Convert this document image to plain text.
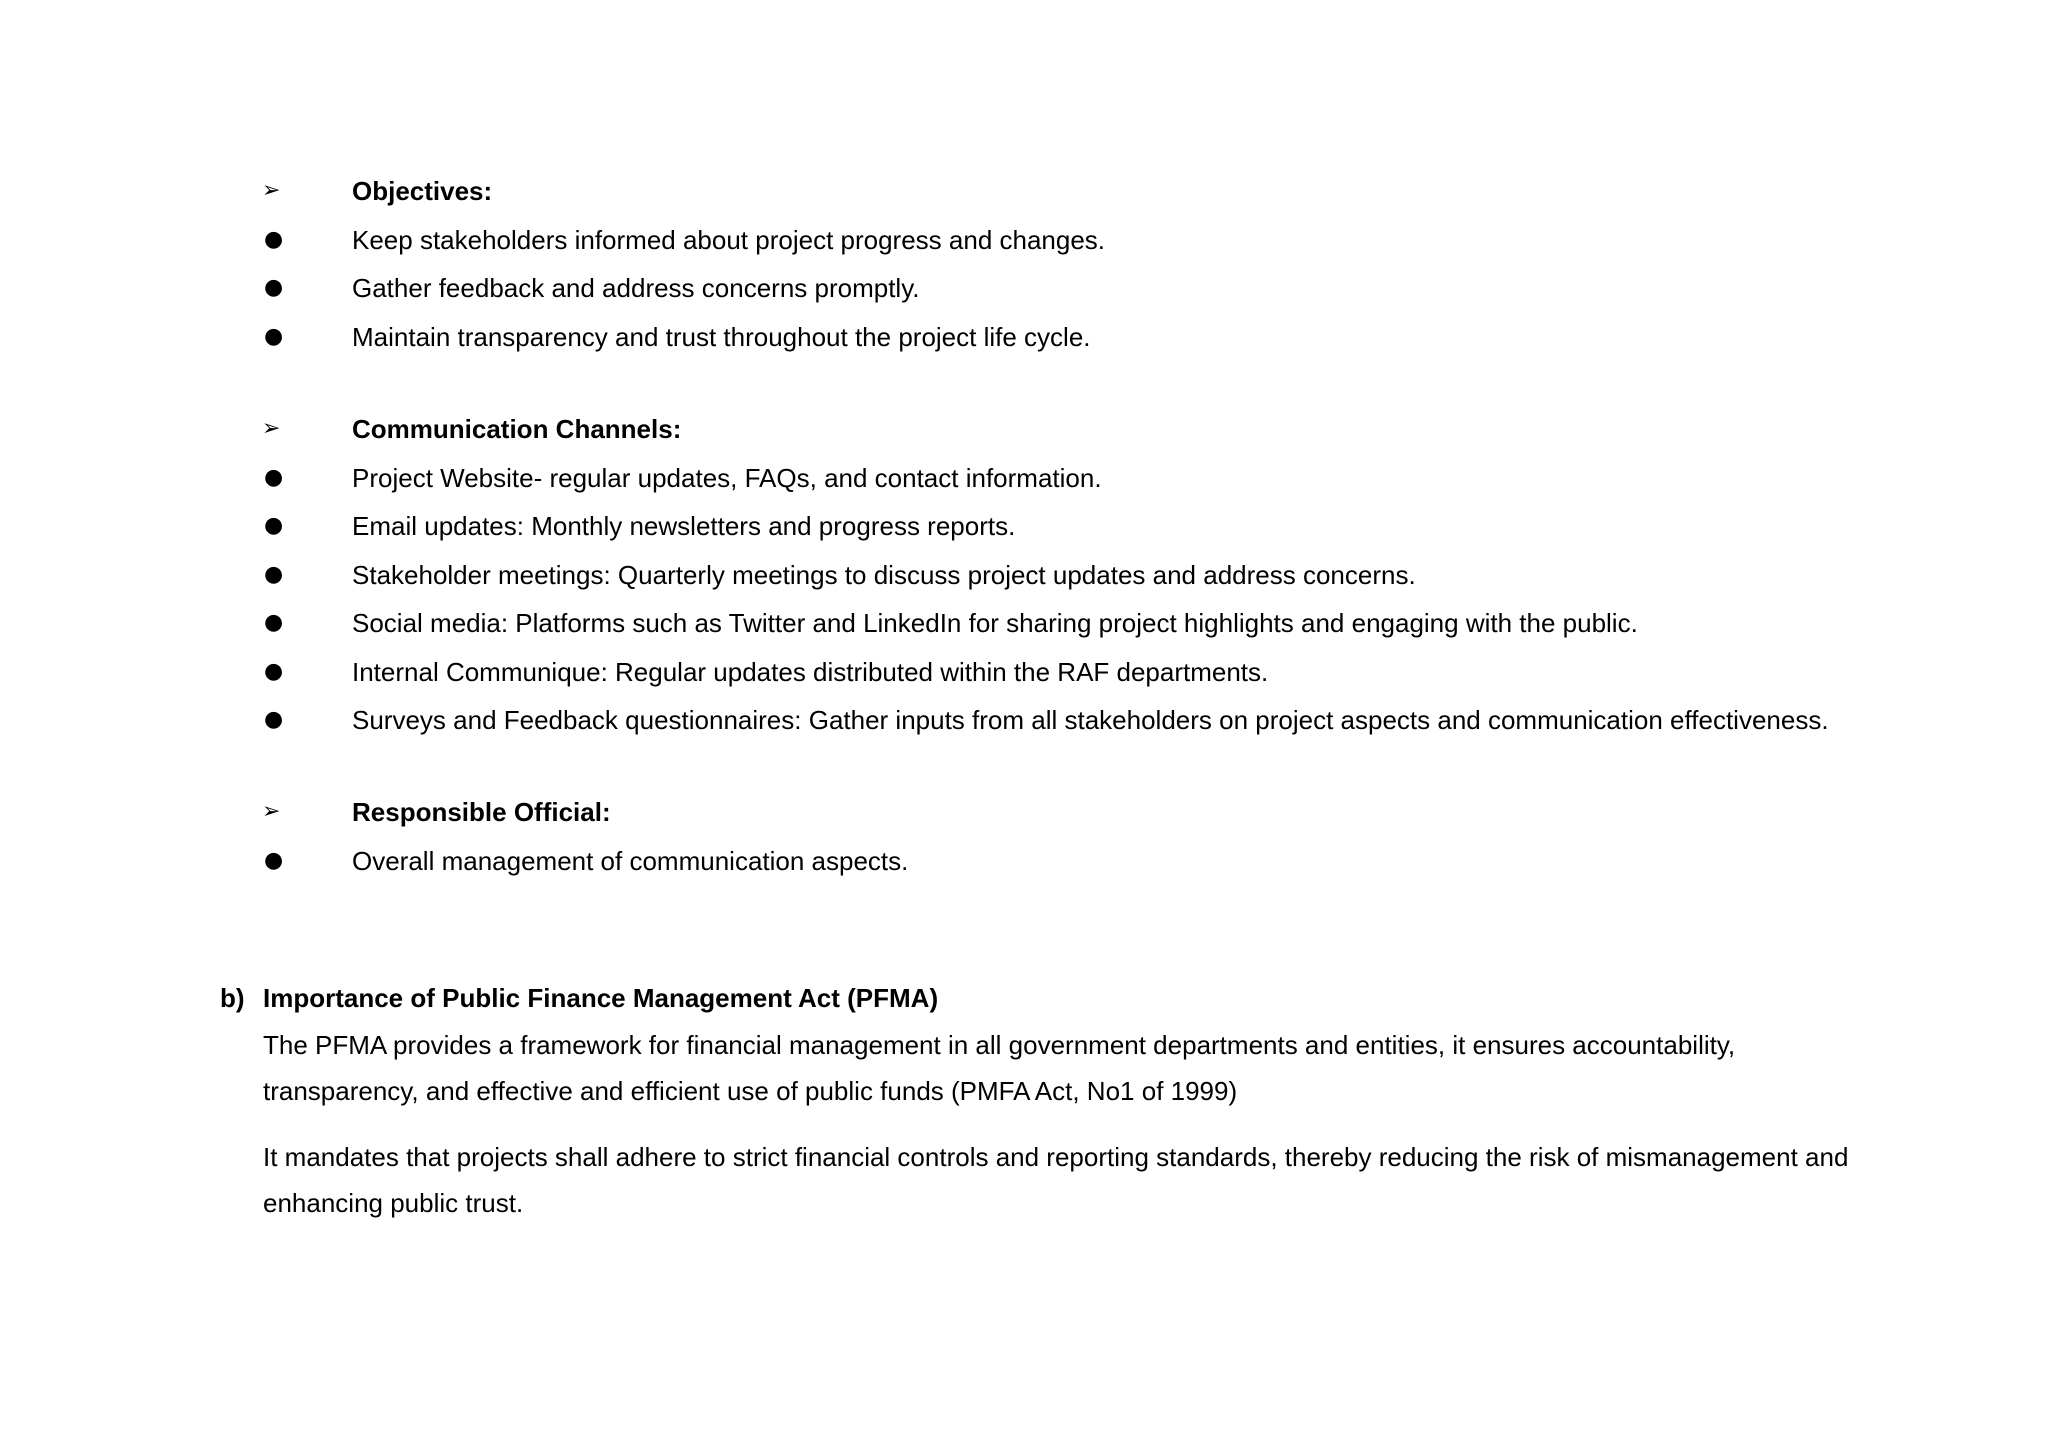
➢	Objectives:
●	Keep stakeholders informed about project progress and changes.
●	Gather feedback and address concerns promptly.
●	Maintain transparency and trust throughout the project life cycle.
➢	Communication Channels:
●	Project Website- regular updates, FAQs, and contact information.
●	Email updates: Monthly newsletters and progress reports.
●	Stakeholder meetings: Quarterly meetings to discuss project updates and address concerns.
●	Social media: Platforms such as Twitter and LinkedIn for sharing project highlights and engaging with the public.
●	Internal Communique: Regular updates distributed within the RAF departments.
●	Surveys and Feedback questionnaires: Gather inputs from all stakeholders on project aspects and communication effectiveness.
➢	Responsible Official:
●	Overall management of communication aspects.
b) Importance of Public Finance Management Act (PFMA)

The PFMA provides a framework for financial management in all government departments and entities, it ensures accountability, transparency, and effective and efficient use of public funds (PMFA Act, No1 of 1999)

It mandates that projects shall adhere to strict financial controls and reporting standards, thereby reducing the risk of mismanagement and enhancing public trust.
